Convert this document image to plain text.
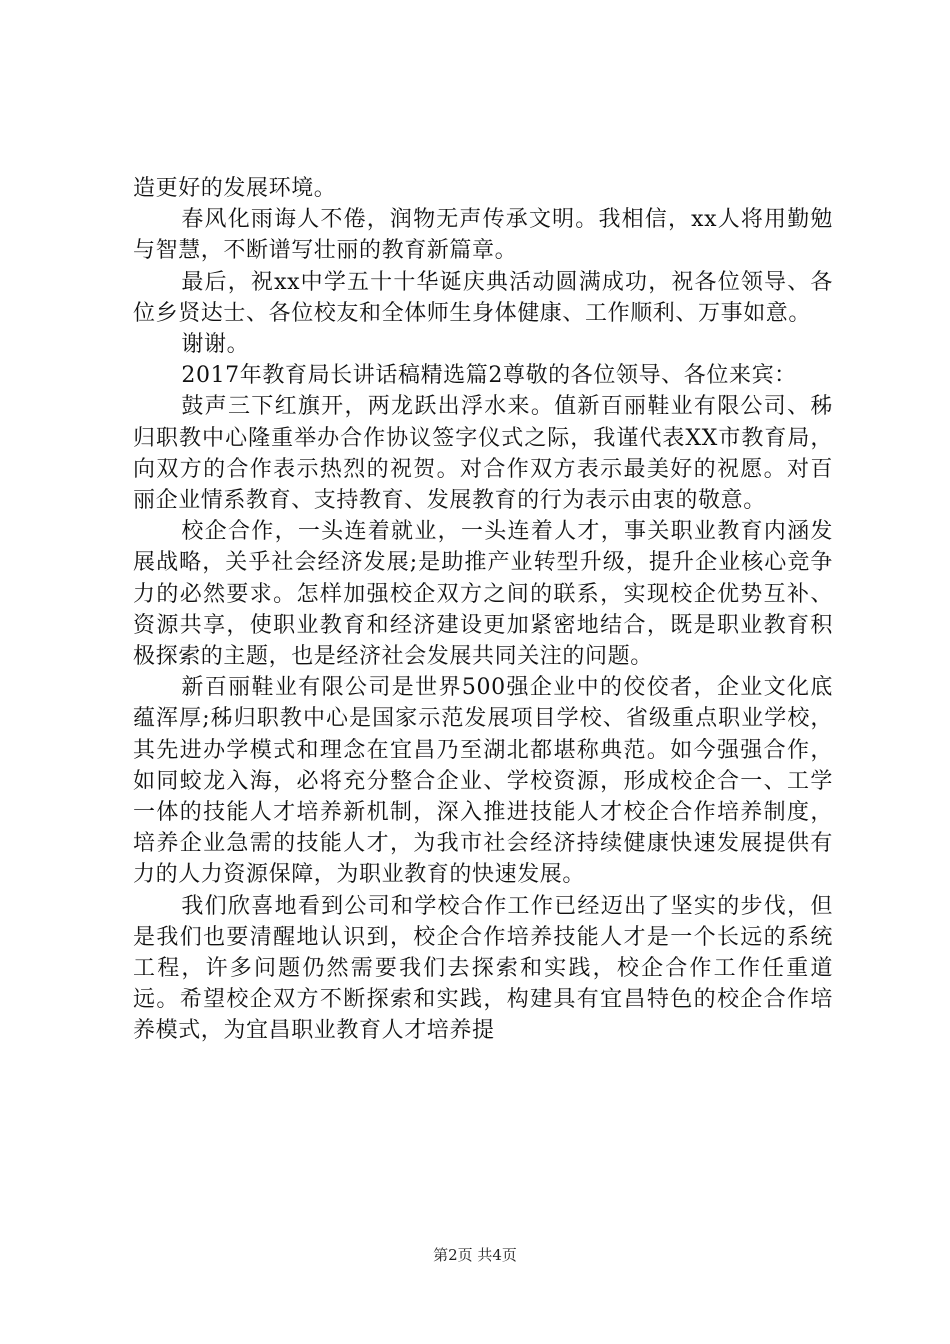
造更好的发展环境。

春风化雨诲人不倦，润物无声传承文明。我相信，xx人将用勤勉与智慧，不断谱写壮丽的教育新篇章。

最后，祝xx中学五十十华诞庆典活动圆满成功，祝各位领导、各位乡贤达士、各位校友和全体师生身体健康、工作顺利、万事如意。

谢谢。

2017年教育局长讲话稿精选篇2尊敬的各位领导、各位来宾：

鼓声三下红旗开，两龙跃出浮水来。值新百丽鞋业有限公司、秭归职教中心隆重举办合作协议签字仪式之际，我谨代表XX市教育局，向双方的合作表示热烈的祝贺。对合作双方表示最美好的祝愿。对百丽企业情系教育、支持教育、发展教育的行为表示由衷的敬意。

校企合作，一头连着就业，一头连着人才，事关职业教育内涵发展战略，关乎社会经济发展;是助推产业转型升级，提升企业核心竞争力的必然要求。怎样加强校企双方之间的联系，实现校企优势互补、资源共享，使职业教育和经济建设更加紧密地结合，既是职业教育积极探索的主题，也是经济社会发展共同关注的问题。

新百丽鞋业有限公司是世界500强企业中的佼佼者，企业文化底蕴浑厚;秭归职教中心是国家示范发展项目学校、省级重点职业学校，其先进办学模式和理念在宜昌乃至湖北都堪称典范。如今强强合作，如同蛟龙入海，必将充分整合企业、学校资源，形成校企合一、工学一体的技能人才培养新机制，深入推进技能人才校企合作培养制度，培养企业急需的技能人才，为我市社会经济持续健康快速发展提供有力的人力资源保障，为职业教育的快速发展。

我们欣喜地看到公司和学校合作工作已经迈出了坚实的步伐，但是我们也要清醒地认识到，校企合作培养技能人才是一个长远的系统工程，许多问题仍然需要我们去探索和实践，校企合作工作任重道远。希望校企双方不断探索和实践，构建具有宜昌特色的校企合作培养模式，为宜昌职业教育人才培养提

第2页 共4页
